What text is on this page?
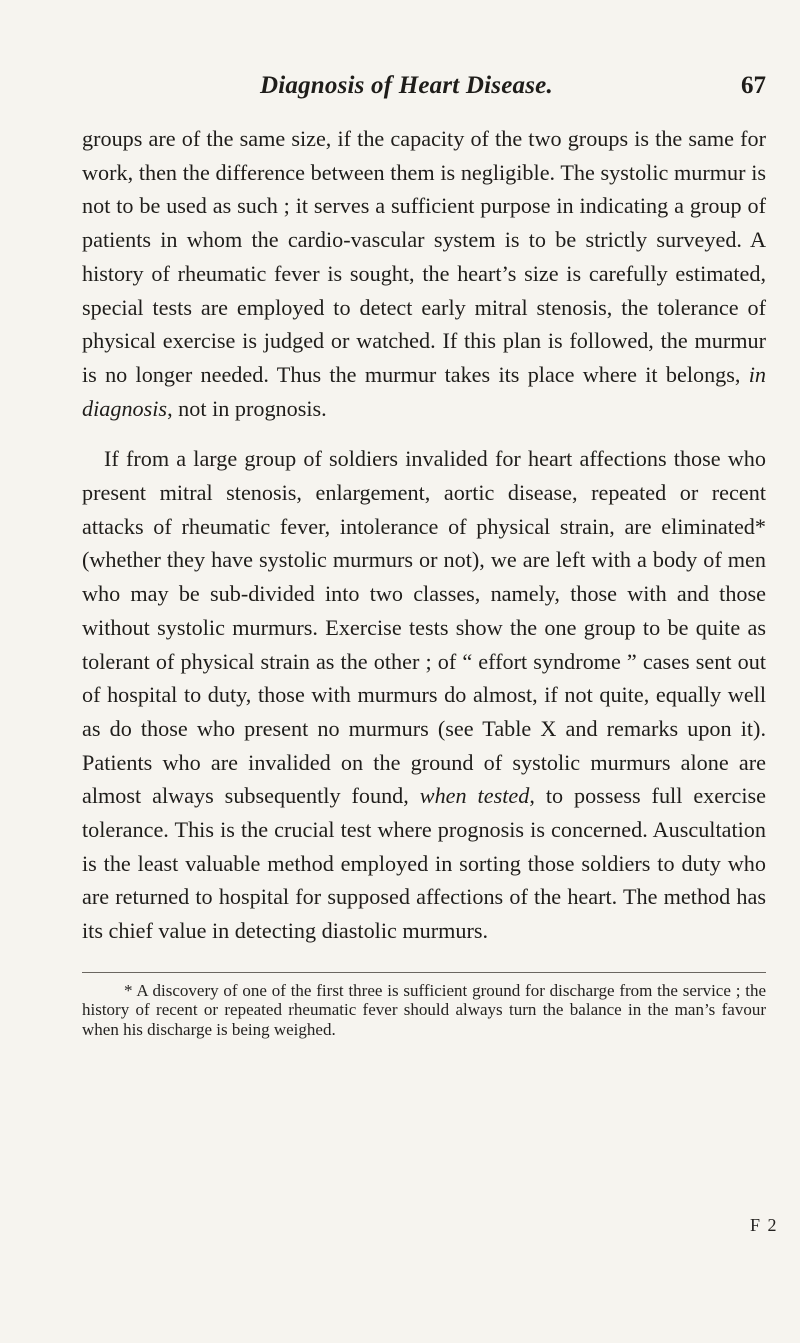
Diagnosis of Heart Disease.	67

groups are of the same size, if the capacity of the two groups is the same for work, then the difference between them is negligible. The systolic murmur is not to be used as such ; it serves a sufficient purpose in indicating a group of patients in whom the cardio-vascular system is to be strictly surveyed. A history of rheumatic fever is sought, the heart’s size is carefully estimated, special tests are employed to detect early mitral stenosis, the tolerance of physical exercise is judged or watched. If this plan is followed, the murmur is no longer needed. Thus the murmur takes its place where it belongs, in diagnosis, not in prognosis.

If from a large group of soldiers invalided for heart affections those who present mitral stenosis, enlargement, aortic disease, repeated or recent attacks of rheumatic fever, intolerance of physical strain, are eliminated* (whether they have systolic murmurs or not), we are left with a body of men who may be sub-divided into two classes, namely, those with and those without systolic murmurs. Exercise tests show the one group to be quite as tolerant of physical strain as the other ; of “ effort syndrome ” cases sent out of hospital to duty, those with murmurs do almost, if not quite, equally well as do those who present no murmurs (see Table X and remarks upon it). Patients who are invalided on the ground of systolic murmurs alone are almost always subsequently found, when tested, to possess full exercise tolerance. This is the crucial test where prognosis is concerned. Auscultation is the least valuable method employed in sorting those soldiers to duty who are returned to hospital for supposed affections of the heart. The method has its chief value in detecting diastolic murmurs.

* A discovery of one of the first three is sufficient ground for discharge from the service ; the history of recent or repeated rheumatic fever should always turn the balance in the man’s favour when his discharge is being weighed.

F 2
